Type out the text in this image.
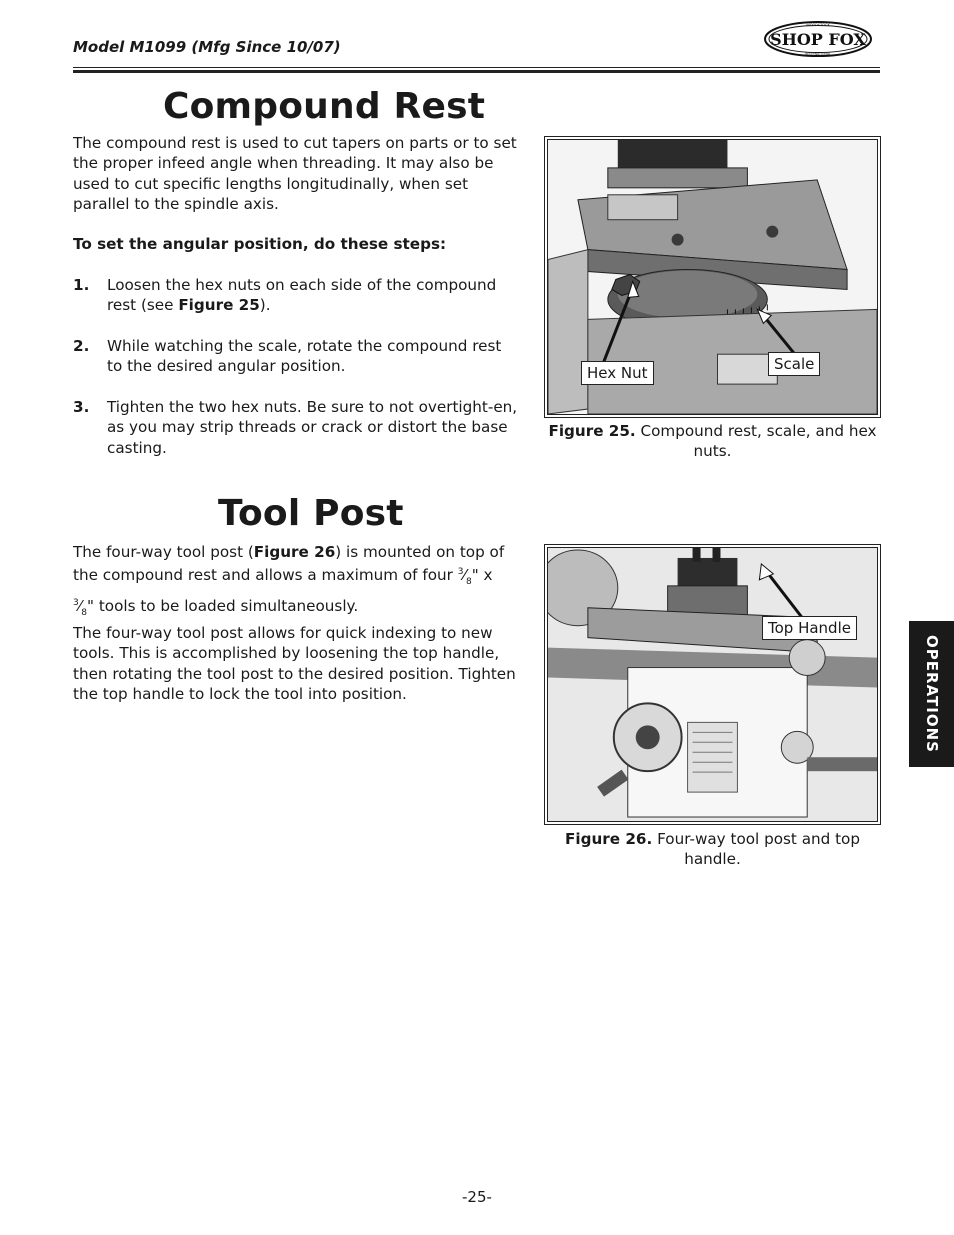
Model M1099 (Mfg Since 10/07)	SHOP FOX
WOODSTOCK
INTERNATIONAL
Compound Rest

The compound rest is used to cut tapers on parts or to set the proper infeed angle when threading. It may also be used to cut specific lengths longitudinally, when set parallel to the spindle axis.

To set the angular position, do these steps:

1. Loosen the hex nuts on each side of the compound rest (see Figure 25).
2. While watching the scale, rotate the compound rest to the desired angular position.
3. Tighten the two hex nuts. Be sure to not overtight-en, as you may strip threads or crack or distort the base casting.
Hex Nut	Scale
Figure 25. Compound rest, scale, and hex nuts.
Tool Post

The four-way tool post (Figure 26) is mounted on top of the compound rest and allows a maximum of four $^3⁄_8$" x $^3⁄_8$" tools to be loaded simultaneously.

The four-way tool post allows for quick indexing to new tools. This is accomplished by loosening the top handle, then rotating the tool post to the desired position. Tighten the top handle to lock the tool into position.

Top Handle
Figure 26. Four-way tool post and top handle.
OPERATIONS
-25-
